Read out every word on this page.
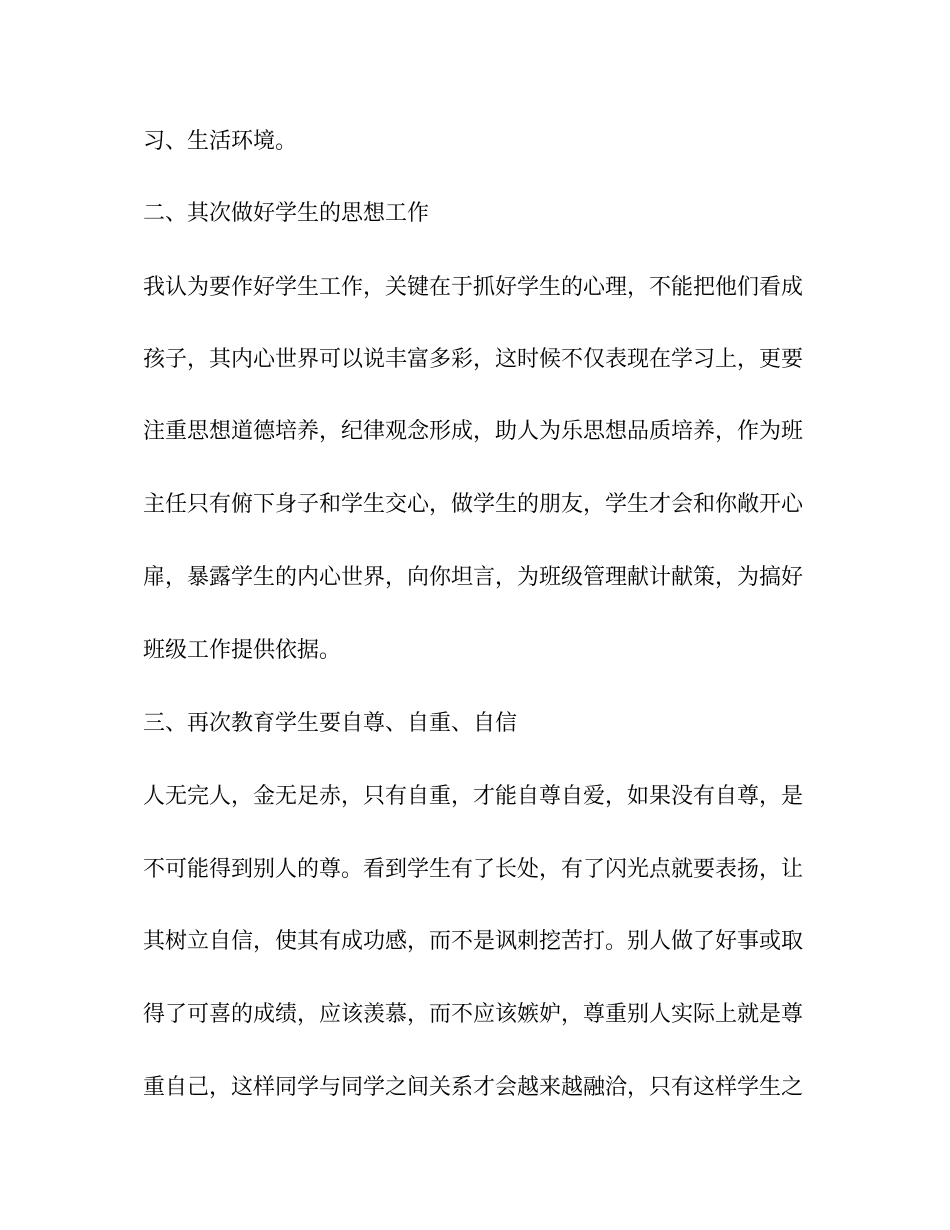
习、生活环境。
二、其次做好学生的思想工作
我认为要作好学生工作，关键在于抓好学生的心理，不能把他们看成
孩子，其内心世界可以说丰富多彩，这时候不仅表现在学习上，更要
注重思想道德培养，纪律观念形成，助人为乐思想品质培养，作为班
主任只有俯下身子和学生交心，做学生的朋友，学生才会和你敞开心
扉，暴露学生的内心世界，向你坦言，为班级管理献计献策，为搞好
班级工作提供依据。
三、再次教育学生要自尊、自重、自信
人无完人，金无足赤，只有自重，才能自尊自爱，如果没有自尊，是
不可能得到别人的尊。看到学生有了长处，有了闪光点就要表扬，让
其树立自信，使其有成功感，而不是讽刺挖苦打。别人做了好事或取
得了可喜的成绩，应该羡慕，而不应该嫉妒，尊重别人实际上就是尊
重自己，这样同学与同学之间关系才会越来越融洽，只有这样学生之
